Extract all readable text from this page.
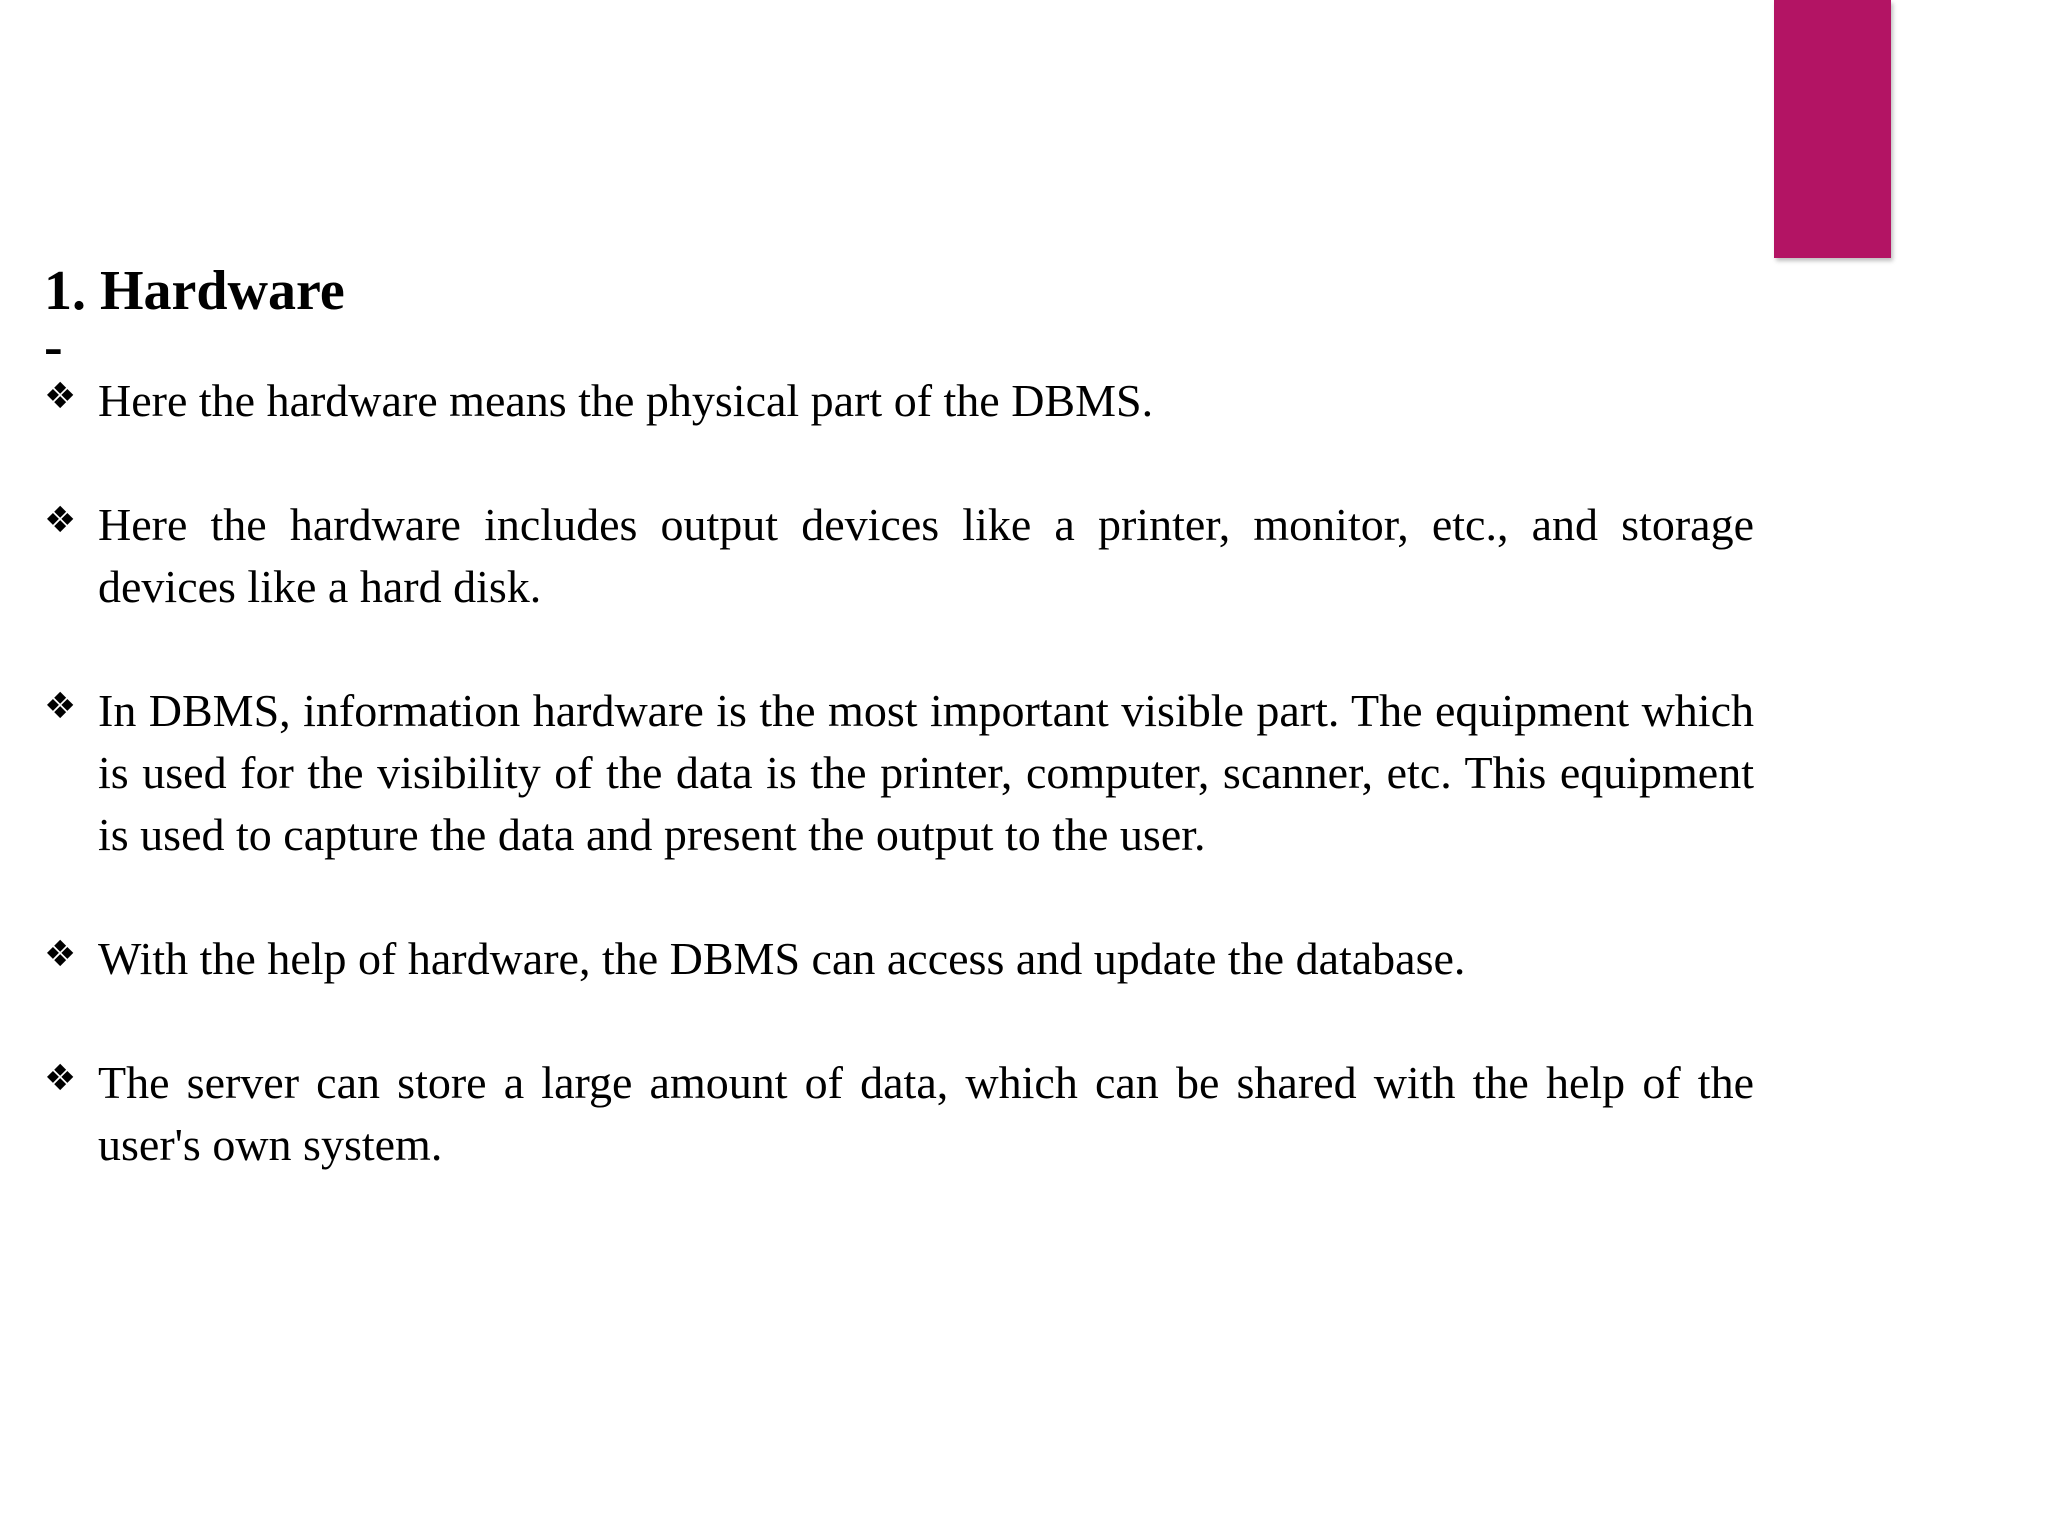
1. Hardware
-
❖ Here the hardware means the physical part of the DBMS.
❖ Here the hardware includes output devices like a printer, monitor, etc., and storage devices like a hard disk.
❖ In DBMS, information hardware is the most important visible part. The equipment which is used for the visibility of the data is the printer, computer, scanner, etc. This equipment is used to capture the data and present the output to the user.
❖ With the help of hardware, the DBMS can access and update the database.
❖ The server can store a large amount of data, which can be shared with the help of the user's own system.
